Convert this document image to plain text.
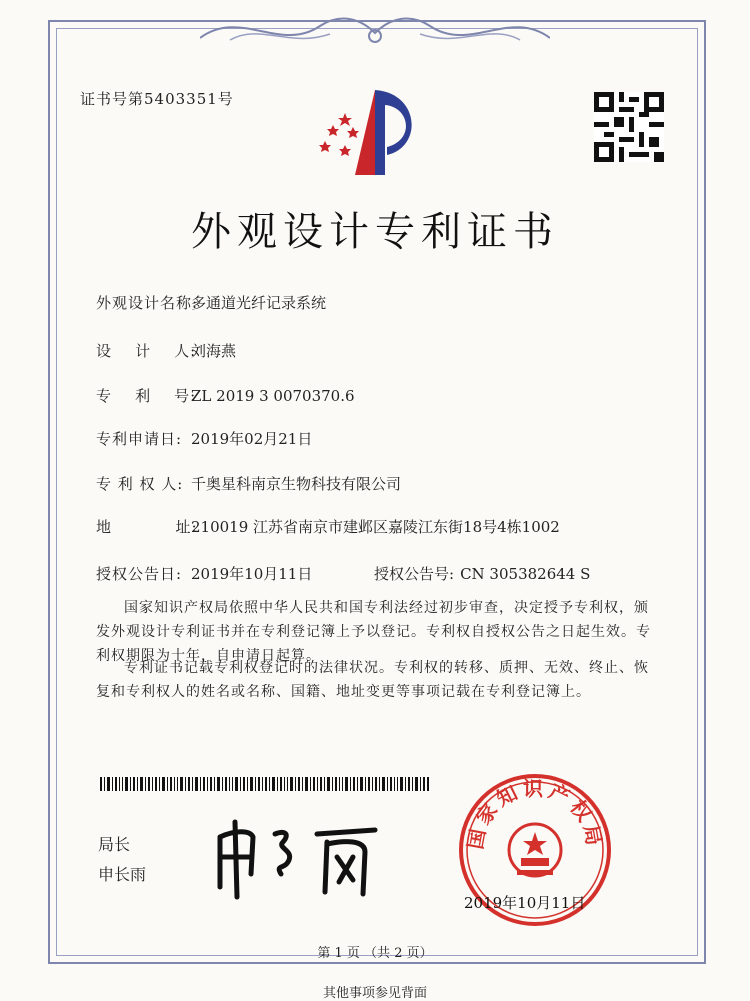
证书号第5403351号
外观设计专利证书
外观设计名称:多通道光纤记录系统
设    计    人:刘海燕
专    利    号:ZL 2019 3 0070370.6
专利申请日: 2019年02月21日
专 利 权 人: 千奥星科南京生物科技有限公司
地           址:210019 江苏省南京市建邺区嘉陵江东街18号4栋1002
授权公告日: 2019年10月11日	授权公告号: CN 305382644 S
国家知识产权局依照中华人民共和国专利法经过初步审查，决定授予专利权，颁发外观设计专利证书并在专利登记簿上予以登记。专利权自授权公告之日起生效。专利权期限为十年，自申请日起算。
专利证书记载专利权登记时的法律状况。专利权的转移、质押、无效、终止、恢复和专利权人的姓名或名称、国籍、地址变更等事项记载在专利登记簿上。
局长
申长雨
国家知识产权局
2019年10月11日
第 1 页 （共 2 页）
其他事项参见背面
